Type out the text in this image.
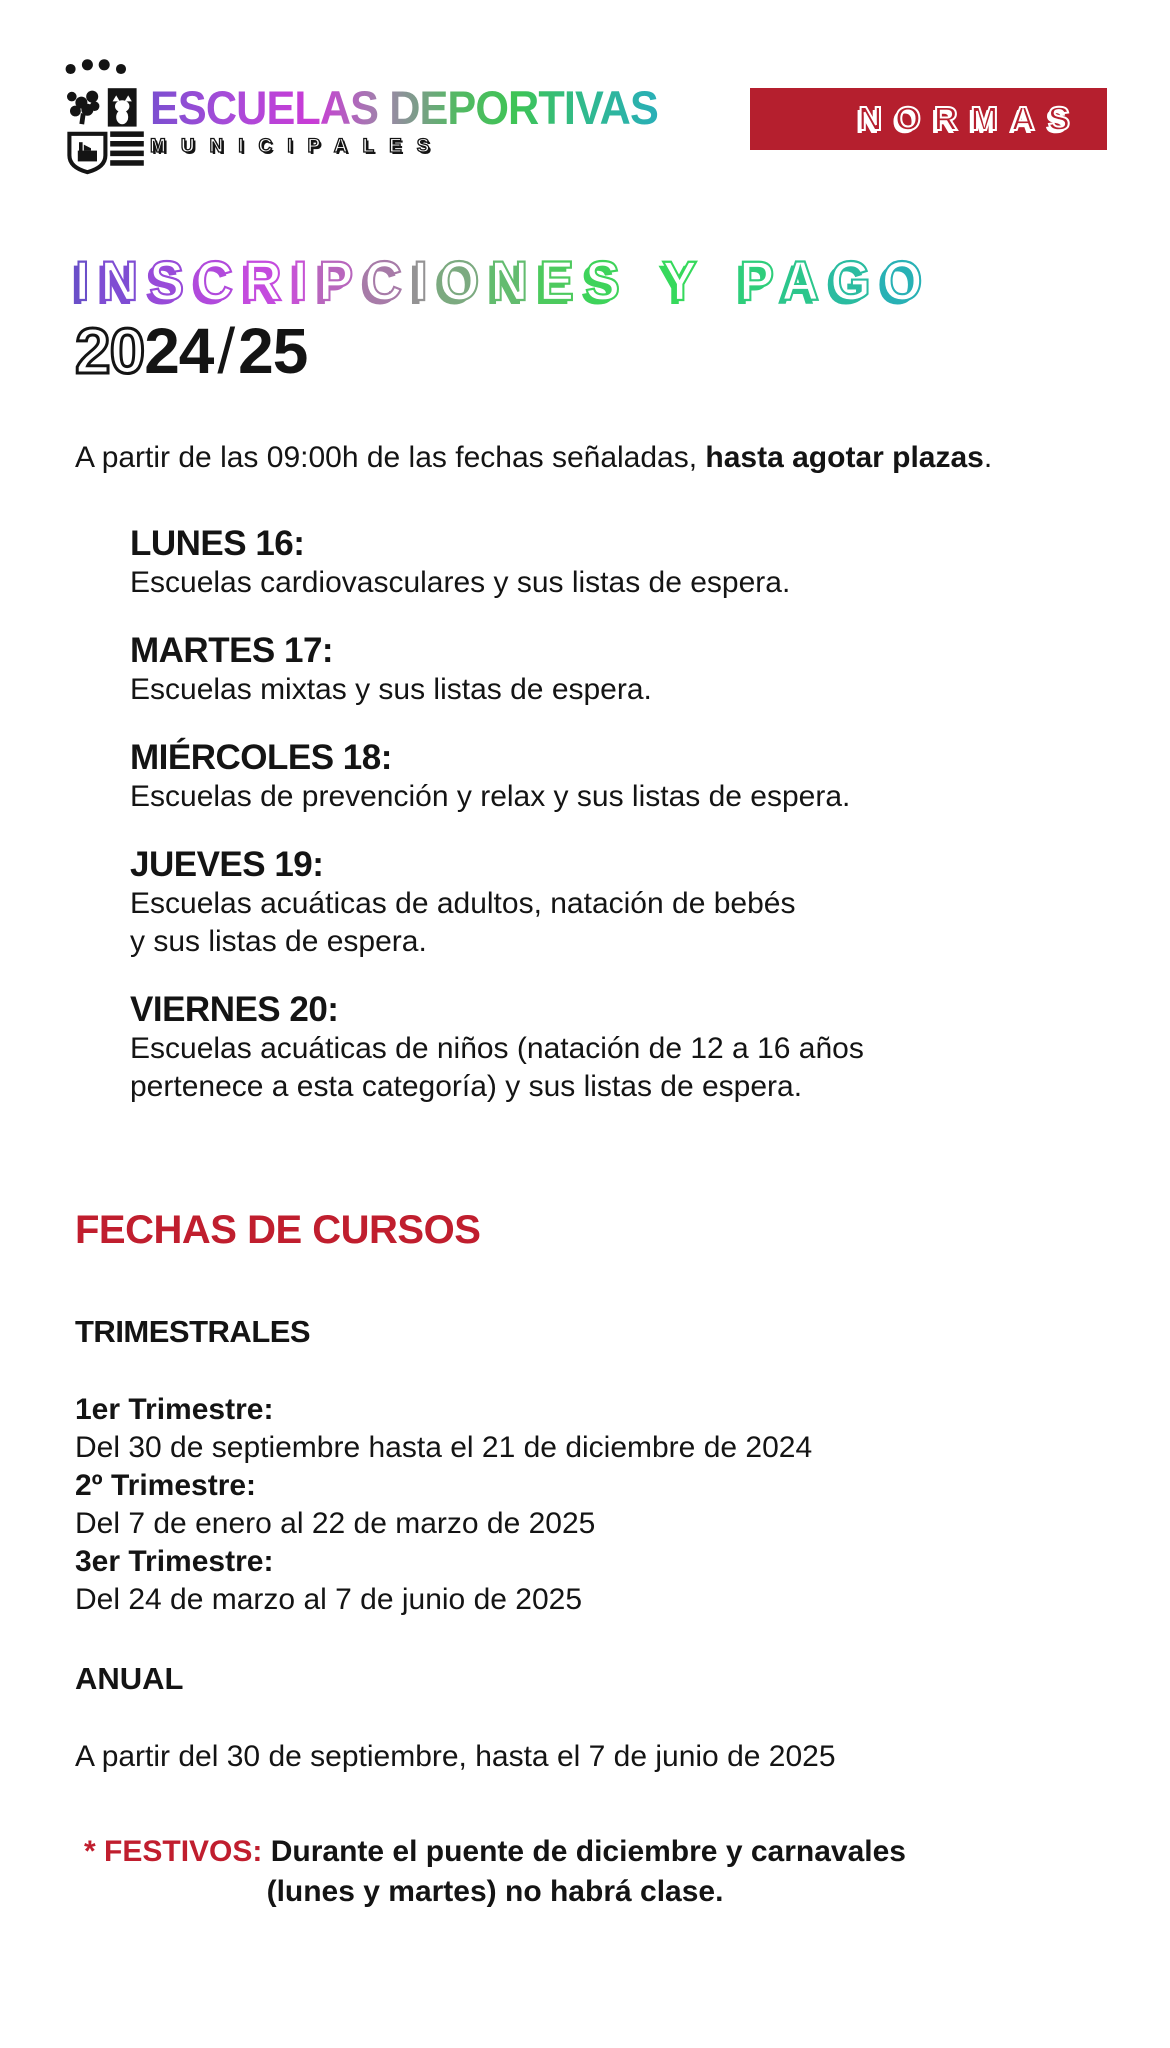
ESCUELAS DEPORTIVAS
MUNICIPALES
NORMAS
INSCRIPCIONES Y PAGO
2024/25
A partir de las 09:00h de las fechas señaladas, hasta agotar plazas.
LUNES 16:
Escuelas cardiovasculares y sus listas de espera.
MARTES 17:
Escuelas mixtas y sus listas de espera.
MIÉRCOLES 18:
Escuelas de prevención y relax y sus listas de espera.
JUEVES 19:
Escuelas acuáticas de adultos, natación de bebés
y sus listas de espera.
VIERNES 20:
Escuelas acuáticas de niños (natación de 12 a 16 años
pertenece a esta categoría) y sus listas de espera.
FECHAS DE CURSOS
TRIMESTRALES
1er Trimestre:
Del 30 de septiembre hasta el 21 de diciembre de 2024
2º Trimestre:
Del 7 de enero al 22 de marzo de 2025
3er Trimestre:
Del 24 de marzo al 7 de junio de 2025
ANUAL
A partir del 30 de septiembre, hasta el 7 de junio de 2025
* FESTIVOS: Durante el puente de diciembre y carnavales
(lunes y martes) no habrá clase.
